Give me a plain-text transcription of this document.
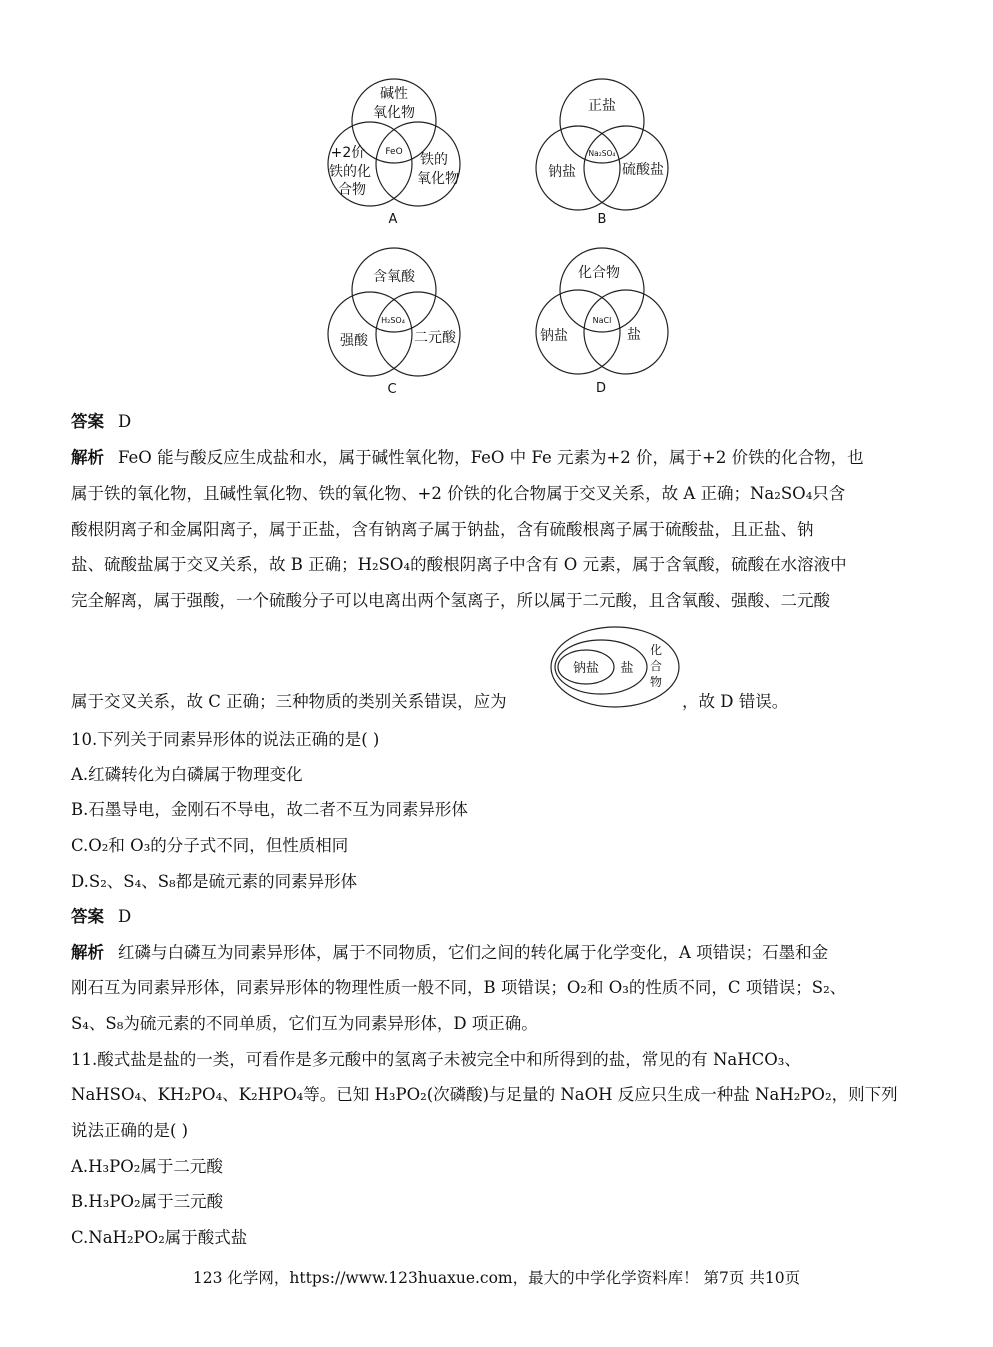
碱性
氧化物
FeO
+2价
铁的化
合物
铁的
氧化物
A
正盐
Na₂SO₄
钠盐	硫酸盐
B
含氧酸
H₂SO₄
强酸	二元酸
C
化合物
NaCl
钠盐	盐
D
答案 D
解析 FeO 能与酸反应生成盐和水，属于碱性氧化物，FeO 中 Fe 元素为+2 价，属于+2 价铁的化合物，也
属于铁的氧化物，且碱性氧化物、铁的氧化物、+2 价铁的化合物属于交叉关系，故 A 正确；Na₂SO₄只含
酸根阴离子和金属阳离子，属于正盐，含有钠离子属于钠盐，含有硫酸根离子属于硫酸盐，且正盐、钠
盐、硫酸盐属于交叉关系，故 B 正确；H₂SO₄的酸根阴离子中含有 O 元素，属于含氧酸，硫酸在水溶液中
完全解离，属于强酸，一个硫酸分子可以电离出两个氢离子，所以属于二元酸，且含氧酸、强酸、二元酸
属于交叉关系，故 C 正确；三种物质的类别关系错误，应为	，故 D 错误。
钠盐 盐
化
合
物
10.下列关于同素异形体的说法正确的是( )
A.红磷转化为白磷属于物理变化
B.石墨导电，金刚石不导电，故二者不互为同素异形体
C.O₂和 O₃的分子式不同，但性质相同
D.S₂、S₄、S₈都是硫元素的同素异形体
答案 D
解析 红磷与白磷互为同素异形体，属于不同物质，它们之间的转化属于化学变化，A 项错误；石墨和金
刚石互为同素异形体，同素异形体的物理性质一般不同，B 项错误；O₂和 O₃的性质不同，C 项错误；S₂、
S₄、S₈为硫元素的不同单质，它们互为同素异形体，D 项正确。
11.酸式盐是盐的一类，可看作是多元酸中的氢离子未被完全中和所得到的盐，常见的有 NaHCO₃、
NaHSO₄、KH₂PO₄、K₂HPO₄等。已知 H₃PO₂(次磷酸)与足量的 NaOH 反应只生成一种盐 NaH₂PO₂，则下列
说法正确的是( )
A.H₃PO₂属于二元酸
B.H₃PO₂属于三元酸
C.NaH₂PO₂属于酸式盐
123 化学网，https://www.123huaxue.com，最大的中学化学资料库！ 第7页 共10页
